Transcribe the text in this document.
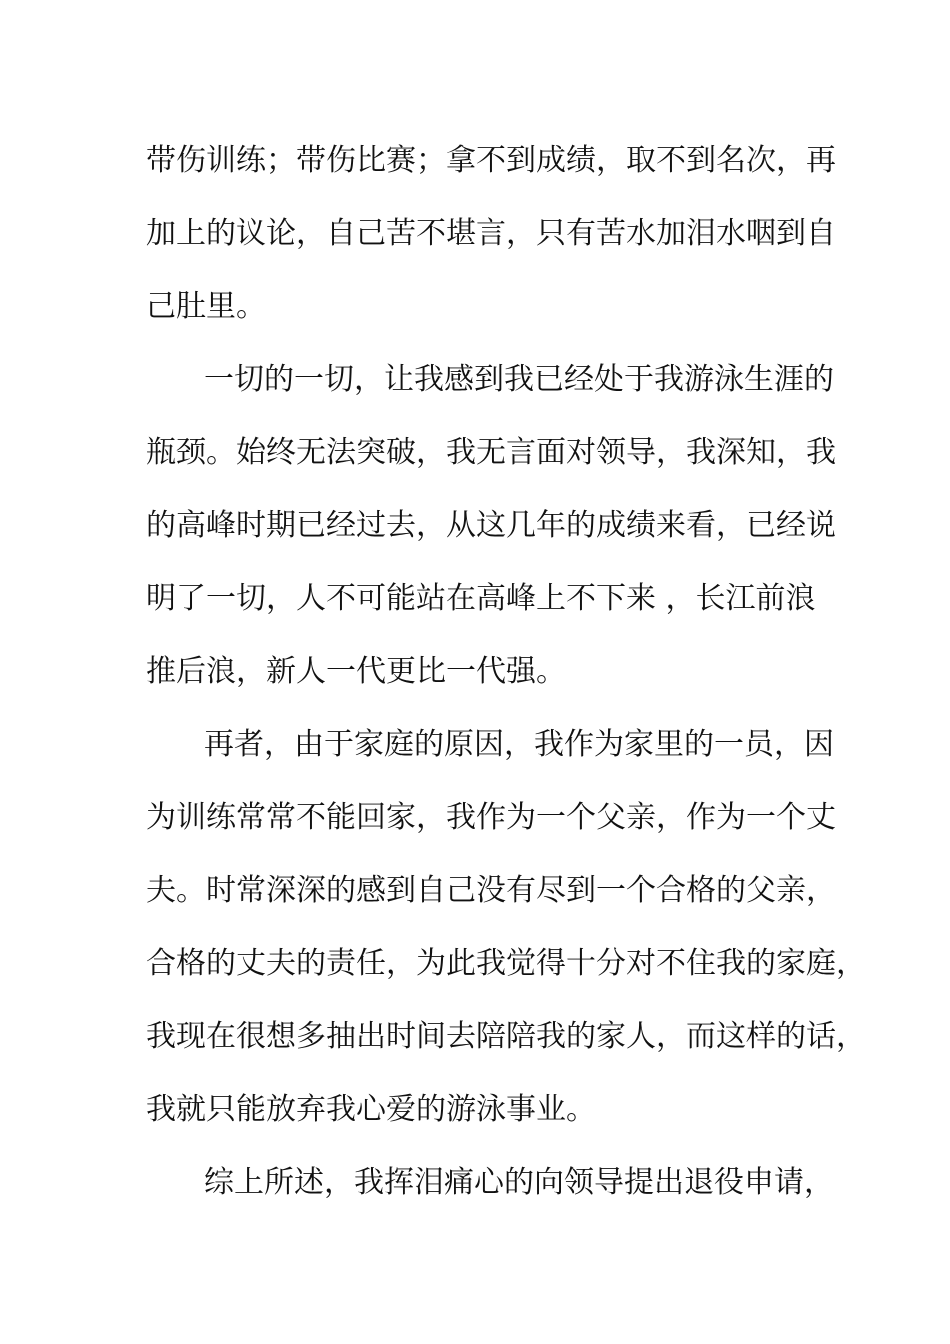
带伤训练；带伤比赛；拿不到成绩，取不到名次，再
加上的议论，自己苦不堪言，只有苦水加泪水咽到自
己肚里。
一切的一切，让我感到我已经处于我游泳生涯的
瓶颈。始终无法突破，我无言面对领导，我深知，我
的高峰时期已经过去，从这几年的成绩来看，已经说
明了一切，人不可能站在高峰上不下来 ，长江前浪
推后浪，新人一代更比一代强。
再者，由于家庭的原因，我作为家里的一员，因
为训练常常不能回家，我作为一个父亲，作为一个丈
夫。时常深深的感到自己没有尽到一个合格的父亲，
合格的丈夫的责任，为此我觉得十分对不住我的家庭，
我现在很想多抽出时间去陪陪我的家人，而这样的话，
我就只能放弃我心爱的游泳事业。
综上所述，我挥泪痛心的向领导提出退役申请，
